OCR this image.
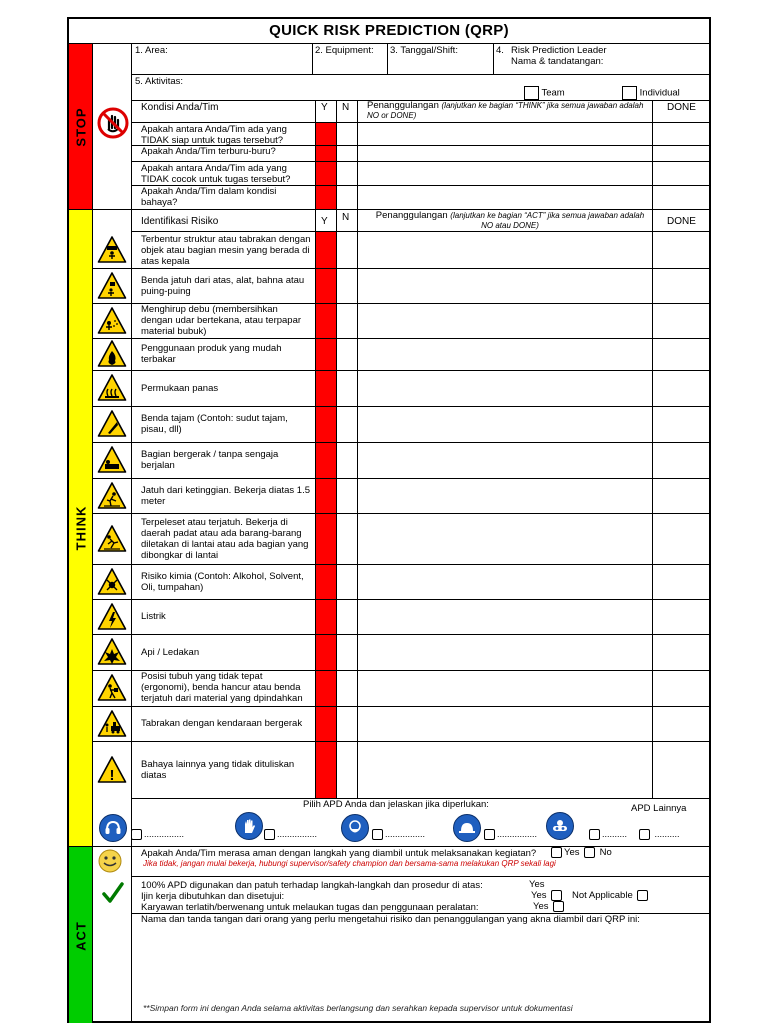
QUICK RISK PREDICTION (QRP)
STOP
THINK
ACT
1. Area:	2. Equipment: 3. Tanggal/Shift:	4. Risk Prediction Leader
Nama & tandatangan:
5. Aktivitas:
Team	Individual
Kondisi Anda/Tim	Y N Penanggulangan (lanjutkan ke bagian “THINK” jika semua jawaban adalah NO or DONE)
DONE
Apakah antara Anda/Tim ada yang TIDAK siap untuk tugas tersebut?
Apakah Anda/Tim terburu-buru?
Apakah antara Anda/Tim ada yang TIDAK cocok untuk tugas tersebut?
Apakah Anda/Tim dalam kondisi bahaya?
Identifikasi Risiko	Y N	Penanggulangan (lanjutkan ke bagian “ACT” jika semua jawaban adalah NO atau DONE)	DONE
Terbentur struktur atau tabrakan dengan objek atau bagian mesin yang berada di atas kepala
Benda jatuh dari atas, alat, bahna atau puing-puing
Menghirup debu (membersihkan dengan udar bertekana, atau terpapar material bubuk)
Penggunaan produk yang mudah terbakar
Permukaan panas
Benda tajam (Contoh: sudut tajam, pisau, dll)
Bagian bergerak / tanpa sengaja berjalan
Jatuh dari ketinggian. Bekerja diatas 1.5 meter
Terpeleset atau terjatuh. Bekerja di daerah padat atau ada barang-barang diletakan di lantai atau ada bagian yang dibongkar di lantai
Risiko kimia (Contoh: Alkohol, Solvent, Oli, tumpahan)
Listrik
Api / Ledakan
Posisi tubuh yang tidak tepat (ergonomi), benda hancur atau benda terjatuh dari material yang dpindahkan
Tabrakan dengan kendaraan bergerak
!
Bahaya lainnya yang tidak dituliskan diatas
Pilih APD Anda dan jelaskan jika diperlukan:	APD Lainnya
................	................	................	................	..........	..........
Apakah Anda/Tim merasa aman dengan langkah yang diambil untuk melaksanakan kegiatan?	Yes	No
Jika tidak, jangan mulai bekerja, hubungi supervisor/safety champion dan bersama-sama melakukan QRP sekali lagi
100% APD digunakan dan patuh terhadap langkah-langkah dan prosedur di atas:	Yes
Ijin kerja dibutuhkan dan disetujui:	Yes	Not Applicable
Karyawan terlatih/berwenang untuk melaukan tugas dan penggunaan peralatan:	Yes
Nama dan tanda tangan dari orang yang perlu mengetahui risiko dan penanggulangan yang akna diambil dari QRP ini:
**Simpan form ini dengan Anda selama aktivitas berlangsung dan serahkan kepada supervisor untuk dokumentasi
